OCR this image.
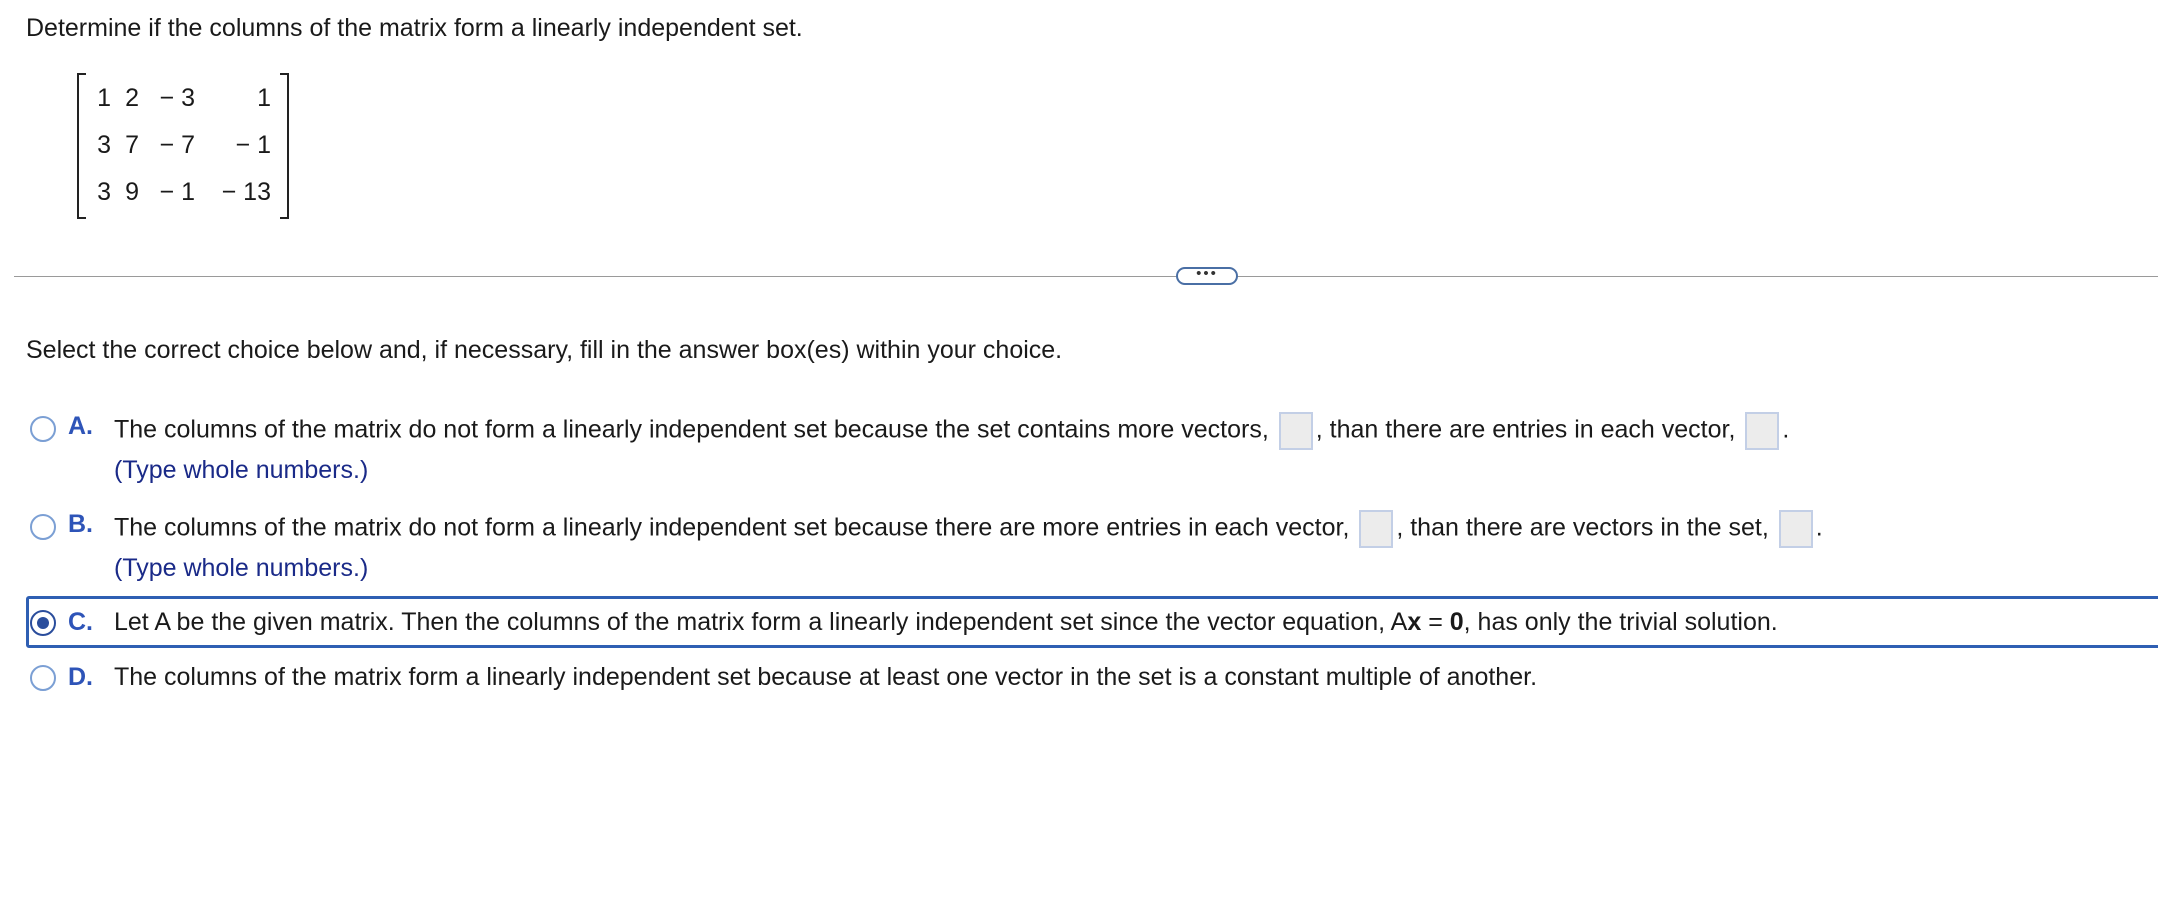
Determine if the columns of the matrix form a linearly independent set.
1 2 − 3 1
3 7 − 7 − 1
3 9 − 1 − 13
•••
Select the correct choice below and, if necessary, fill in the answer box(es) within your choice.
A. The columns of the matrix do not form a linearly independent set because the set contains more vectors, , than there are entries in each vector, .
(Type whole numbers.)
B. The columns of the matrix do not form a linearly independent set because there are more entries in each vector, , than there are vectors in the set, .
(Type whole numbers.)
C. Let A be the given matrix. Then the columns of the matrix form a linearly independent set since the vector equation, Ax = 0, has only the trivial solution.
D. The columns of the matrix form a linearly independent set because at least one vector in the set is a constant multiple of another.
